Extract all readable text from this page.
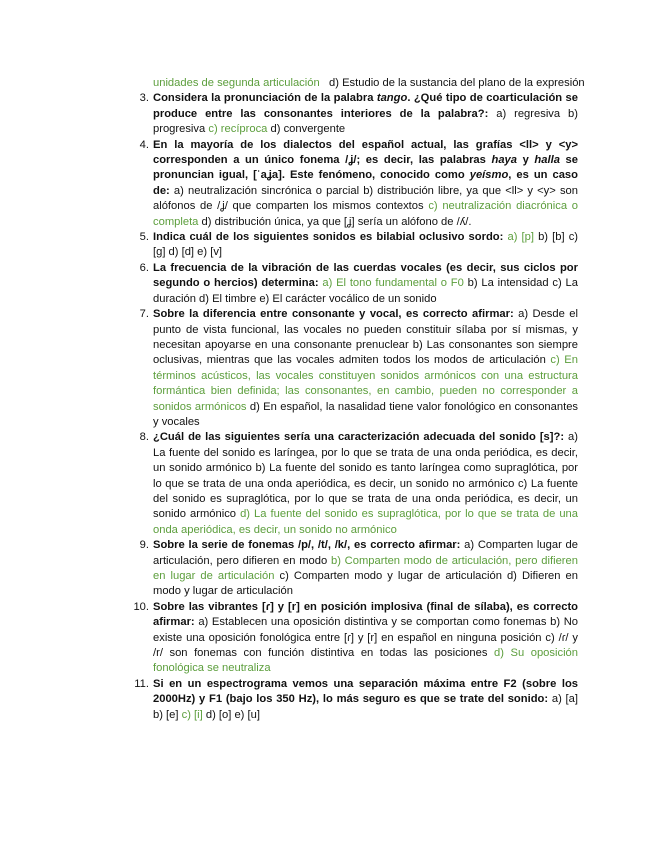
unidades de segunda articulación   d) Estudio de la sustancia del plano de la expresión
3. Considera la pronunciación de la palabra tango. ¿Qué tipo de coarticulación se produce entre las consonantes interiores de la palabra?: a) regresiva b) progresiva c) recíproca d) convergente
4. En la mayoría de los dialectos del español actual, las grafías <ll> y <y> corresponden a un único fonema /ʝ/; es decir, las palabras haya y halla se pronuncian igual, [ˈaʝa]. Este fenómeno, conocido como yeísmo, es un caso de: a) neutralización sincrónica o parcial b) distribución libre, ya que <ll> y <y> son alófonos de /ʝ/ que comparten los mismos contextos c) neutralización diacrónica o completa d) distribución única, ya que [ʝ] sería un alófono de /ʎ/.
5. Indica cuál de los siguientes sonidos es bilabial oclusivo sordo: a) [p] b) [b] c) [g] d) [d] e) [v]
6. La frecuencia de la vibración de las cuerdas vocales (es decir, sus ciclos por segundo o hercios) determina: a) El tono fundamental o F0 b) La intensidad c) La duración d) El timbre e) El carácter vocálico de un sonido
7. Sobre la diferencia entre consonante y vocal, es correcto afirmar: a) Desde el punto de vista funcional, las vocales no pueden constituir sílaba por sí mismas, y necesitan apoyarse en una consonante prenuclear b) Las consonantes son siempre oclusivas, mientras que las vocales admiten todos los modos de articulación c) En términos acústicos, las vocales constituyen sonidos armónicos con una estructura formántica bien definida; las consonantes, en cambio, pueden no corresponder a sonidos armónicos d) En español, la nasalidad tiene valor fonológico en consonantes y vocales
8. ¿Cuál de las siguientes sería una caracterización adecuada del sonido [s]?: a) La fuente del sonido es laríngea, por lo que se trata de una onda periódica, es decir, un sonido armónico b) La fuente del sonido es tanto laríngea como supraglótica, por lo que se trata de una onda aperiódica, es decir, un sonido no armónico c) La fuente del sonido es supraglótica, por lo que se trata de una onda periódica, es decir, un sonido armónico d) La fuente del sonido es supraglótica, por lo que se trata de una onda aperiódica, es decir, un sonido no armónico
9. Sobre la serie de fonemas /p/, /t/, /k/, es correcto afirmar: a) Comparten lugar de articulación, pero difieren en modo b) Comparten modo de articulación, pero difieren en lugar de articulación c) Comparten modo y lugar de articulación d) Difieren en modo y lugar de articulación
10. Sobre las vibrantes [ɾ] y [r] en posición implosiva (final de sílaba), es correcto afirmar: a) Establecen una oposición distintiva y se comportan como fonemas b) No existe una oposición fonológica entre [ɾ] y [r] en español en ninguna posición c) /ɾ/ y /r/ son fonemas con función distintiva en todas las posiciones d) Su oposición fonológica se neutraliza
11. Si en un espectrograma vemos una separación máxima entre F2 (sobre los 2000Hz) y F1 (bajo los 350 Hz), lo más seguro es que se trate del sonido: a) [a] b) [e] c) [i] d) [o] e) [u]
